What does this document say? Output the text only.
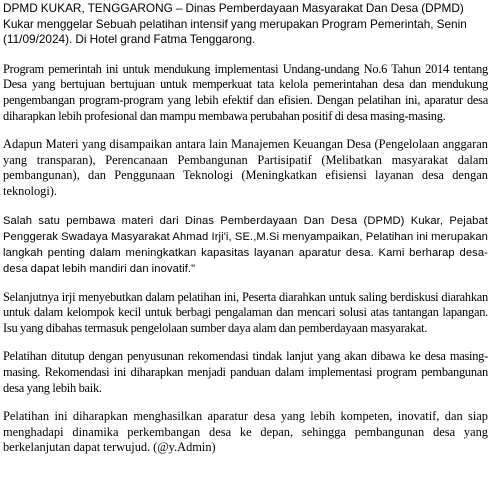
DPMD KUKAR, TENGGARONG – Dinas Pemberdayaan Masyarakat Dan Desa (DPMD) Kukar menggelar Sebuah pelatihan intensif yang merupakan Program Pemerintah, Senin (11/09/2024). Di Hotel grand Fatma Tenggarong.

Program pemerintah ini untuk mendukung implementasi Undang-undang No.6 Tahun 2014 tentang Desa yang bertujuan bertujuan untuk memperkuat tata kelola pemerintahan desa dan mendukung pengembangan program-program yang lebih efektif dan efisien. Dengan pelatihan ini, aparatur desa diharapkan lebih profesional dan mampu membawa perubahan positif di desa masing-masing.

Adapun Materi yang disampaikan antara lain Manajemen Keuangan Desa (Pengelolaan anggaran yang transparan), Perencanaan Pembangunan Partisipatif (Melibatkan masyarakat dalam pembangunan), dan Penggunaan Teknologi (Meningkatkan efisiensi layanan desa dengan teknologi).

Salah satu pembawa materi dari Dinas Pemberdayaan Dan Desa (DPMD) Kukar, Pejabat Penggerak Swadaya Masyarakat Ahmad Irji'i, SE.,M.Si menyampaikan, Pelatihan ini merupakan langkah penting dalam meningkatkan kapasitas layanan aparatur desa. Kami berharap desa-desa dapat lebih mandiri dan inovatif."

Selanjutnya irji menyebutkan dalam pelatihan ini, Peserta diarahkan untuk saling berdiskusi diarahkan untuk dalam kelompok kecil untuk berbagi pengalaman dan mencari solusi atas tantangan lapangan. Isu yang dibahas termasuk pengelolaan sumber daya alam dan pemberdayaan masyarakat.

Pelatihan ditutup dengan penyusunan rekomendasi tindak lanjut yang akan dibawa ke desa masing-masing. Rekomendasi ini diharapkan menjadi panduan dalam implementasi program pembangunan desa yang lebih baik.

Pelatihan ini diharapkan menghasilkan aparatur desa yang lebih kompeten, inovatif, dan siap menghadapi dinamika perkembangan desa ke depan, sehingga pembangunan desa yang berkelanjutan dapat terwujud. (@y.Admin)
